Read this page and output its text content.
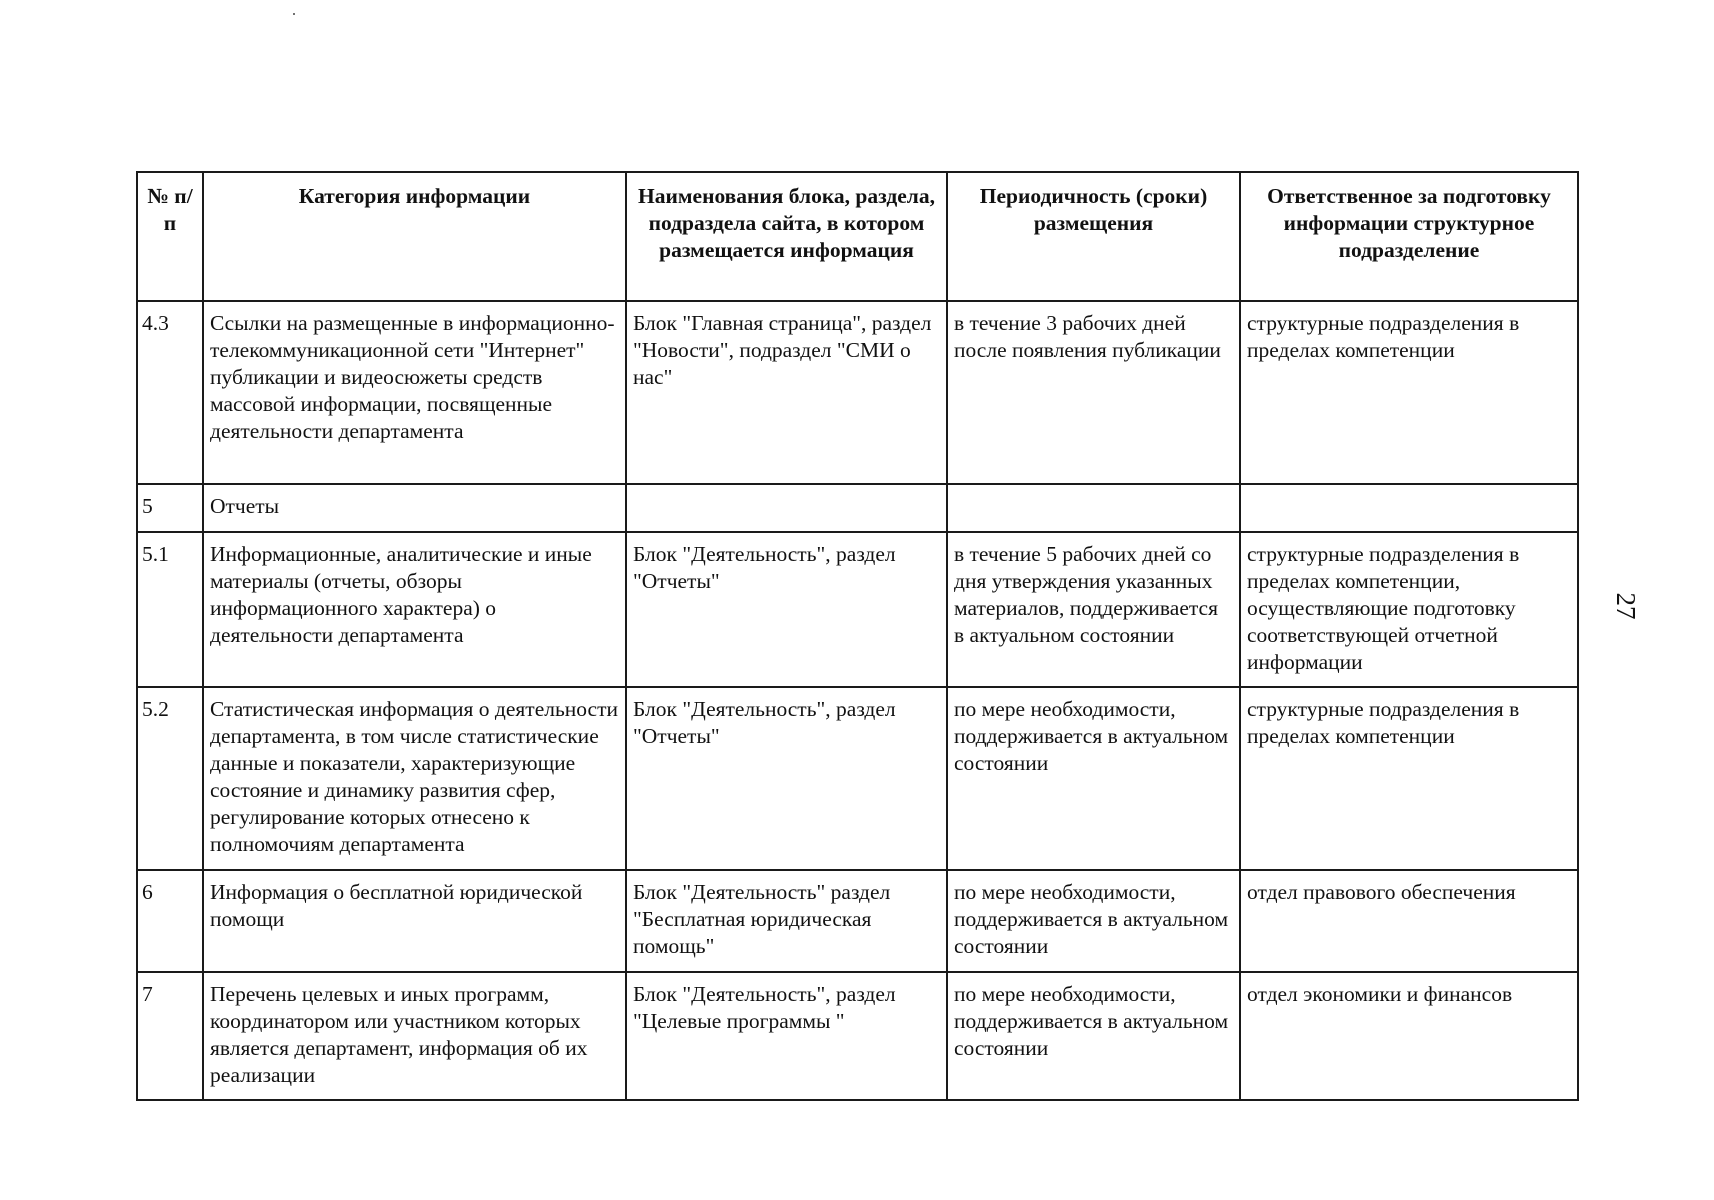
№ п/п	Категория информации	Наименования блока, раздела, подраздела сайта, в котором размещается информация	Периодичность (сроки) размещения	Ответственное за подготовку информации структурное подразделение
4.3	Ссылки на размещенные в информационно-телекоммуникационной сети "Интернет" публикации и видеосюжеты средств массовой информации, посвященные деятельности департамента	Блок "Главная страница", раздел "Новости", подраздел "СМИ о нас"	в течение 3 рабочих дней после появления публикации	структурные подразделения в пределах компетенции
5	Отчеты			
5.1	Информационные, аналитические и иные материалы (отчеты, обзоры информационного характера) о деятельности департамента	Блок "Деятельность", раздел "Отчеты"	в течение 5 рабочих дней со дня утверждения указанных материалов, поддерживается в актуальном состоянии	структурные подразделения в пределах компетенции, осуществляющие подготовку соответствующей отчетной информации
5.2	Статистическая информация о деятельности департамента, в том числе статистические данные и показатели, характеризующие состояние и динамику развития сфер, регулирование которых отнесено к полномочиям департамента	Блок "Деятельность", раздел "Отчеты"	по мере необходимости, поддерживается в актуальном состоянии	структурные подразделения в пределах компетенции
6	Информация о бесплатной юридической помощи	Блок "Деятельность" раздел "Бесплатная юридическая помощь"	по мере необходимости, поддерживается в актуальном состоянии	отдел правового обеспечения
7	Перечень целевых и иных программ, координатором или участником которых является департамент, информация об их реализации	Блок "Деятельность", раздел "Целевые программы "	по мере необходимости, поддерживается в актуальном состоянии	отдел экономики и финансов
27
